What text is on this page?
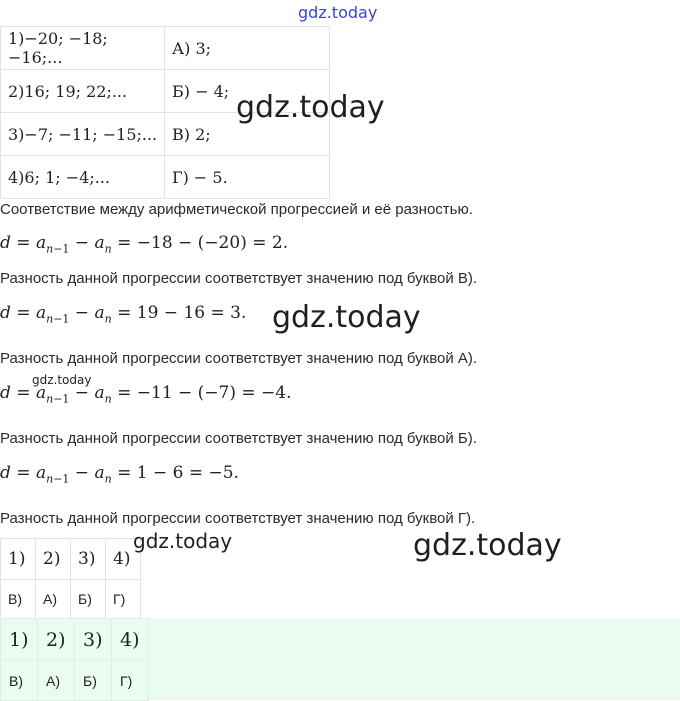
gdz.today
1)−20; −18; −16;...	А) 3;
2)16; 19; 22;...	Б) − 4;
3)−7; −11; −15;...	В) 2;
4)6; 1; −4;...	Г) − 5.
gdz.today
Соответствие между арифметической прогрессией и её разностью.
$d = a_{n-1} - a_n = -18 - (-20) = 2$.
Разность данной прогрессии соответствует значению под буквой В).
$d = a_{n-1} - a_n = 19 - 16 = 3$. gdz.today
Разность данной прогрессии соответствует значению под буквой А).
gdz.today
$d = a_{n-1} - a_n = -11 - (-7) = -4$.
Разность данной прогрессии соответствует значению под буквой Б).
$d = a_{n-1} - a_n = 1 - 6 = -5$.
Разность данной прогрессии соответствует значению под буквой Г).
1)	2)	3)	4)
В)	А)	Б)	Г)
gdz.today	gdz.today
1)	2)	3)	4)
В)	А)	Б)	Г)
